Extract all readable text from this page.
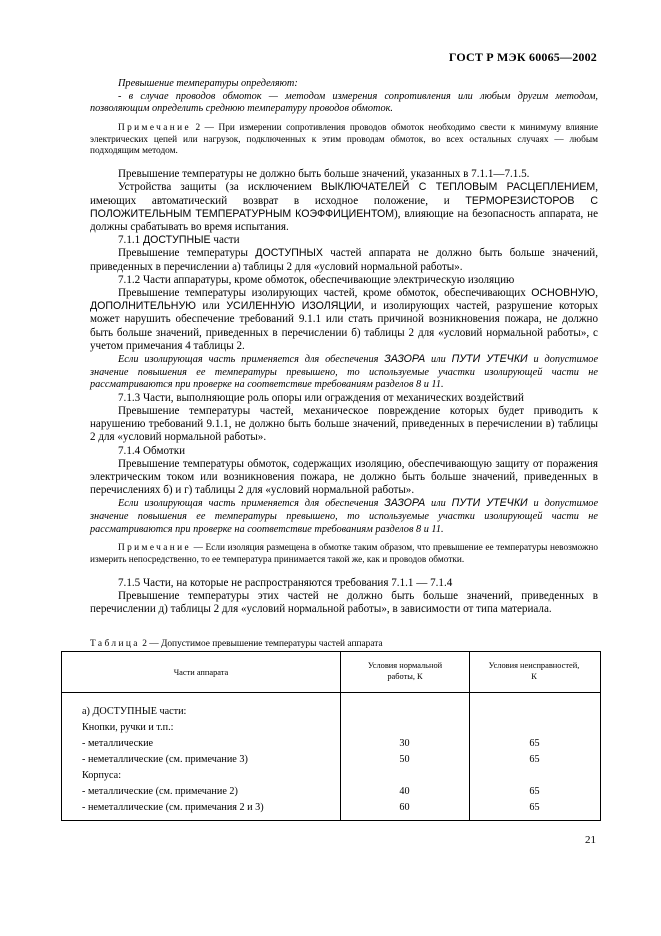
ГОСТ Р МЭК 60065—2002

Превышение температуры определяют:

- в случае проводов обмоток — методом измерения сопротивления или любым другим методом, позволяющим определить среднюю температуру проводов обмоток.

Примечание 2 — При измерении сопротивления проводов обмоток необходимо свести к минимуму влияние электрических цепей или нагрузок, подключенных к этим проводам обмоток, во всех остальных случаях — любым подходящим методом.

Превышение температуры не должно быть больше значений, указанных в 7.1.1—7.1.5.

Устройства защиты (за исключением ВЫКЛЮЧАТЕЛЕЙ С ТЕПЛОВЫМ РАСЦЕПЛЕНИЕМ, имеющих автоматический возврат в исходное положение, и ТЕРМОРЕЗИСТОРОВ С ПОЛОЖИТЕЛЬНЫМ ТЕМПЕРАТУРНЫМ КОЭФФИЦИЕНТОМ), влияющие на безопасность аппарата, не должны срабатывать во время испытания.

7.1.1 ДОСТУПНЫЕ части

Превышение температуры ДОСТУПНЫХ частей аппарата не должно быть больше значений, приведенных в перечислении а) таблицы 2 для «условий нормальной работы».

7.1.2 Части аппаратуры, кроме обмоток, обеспечивающие электрическую изоляцию

Превышение температуры изолирующих частей, кроме обмоток, обеспечивающих ОСНОВНУЮ, ДОПОЛНИТЕЛЬНУЮ или УСИЛЕННУЮ ИЗОЛЯЦИИ, и изолирующих частей, разрушение которых может нарушить обеспечение требований 9.1.1 или стать причиной возникновения пожара, не должно быть больше значений, приведенных в перечислении б) таблицы 2 для «условий нормальной работы», с учетом примечания 4 таблицы 2.

Если изолирующая часть применяется для обеспечения ЗАЗОРА или ПУТИ УТЕЧКИ и допустимое значение повышения ее температуры превышено, то используемые участки изолирующей части не рассматриваются при проверке на соответствие требованиям разделов 8 и 11.

7.1.3 Части, выполняющие роль опоры или ограждения от механических воздействий

Превышение температуры частей, механическое повреждение которых будет приводить к нарушению требований 9.1.1, не должно быть больше значений, приведенных в перечислении в) таблицы 2 для «условий нормальной работы».

7.1.4 Обмотки

Превышение температуры обмоток, содержащих изоляцию, обеспечивающую защиту от поражения электрическим током или возникновения пожара, не должно быть больше значений, приведенных в перечислениях б) и г) таблицы 2 для «условий нормальной работы».

Если изолирующая часть применяется для обеспечения ЗАЗОРА или ПУТИ УТЕЧКИ и допустимое значение повышения ее температуры превышено, то используемые участки изолирующей части не рассматриваются при проверке на соответствие требованиям разделов 8 и 11.

Примечание — Если изоляция размещена в обмотке таким образом, что превышение ее температуры невозможно измерить непосредственно, то ее температура принимается такой же, как и проводов обмотки.

7.1.5 Части, на которые не распространяются требования 7.1.1 — 7.1.4

Превышение температуры этих частей не должно быть больше значений, приведенных в перечислении д) таблицы 2 для «условий нормальной работы», в зависимости от типа материала.

Таблица 2 — Допустимое превышение температуры частей аппарата

Части аппарата
Условия нормальной работы, К
Условия неисправностей, К
а) ДОСТУПНЫЕ части:
Кнопки, ручки и т.п.:
- металлические	30	65
- неметаллические (см. примечание 3)	50	65
Корпуса:
- металлические (см. примечание 2)	40	65
- неметаллические (см. примечания 2 и 3)	60	65
21
